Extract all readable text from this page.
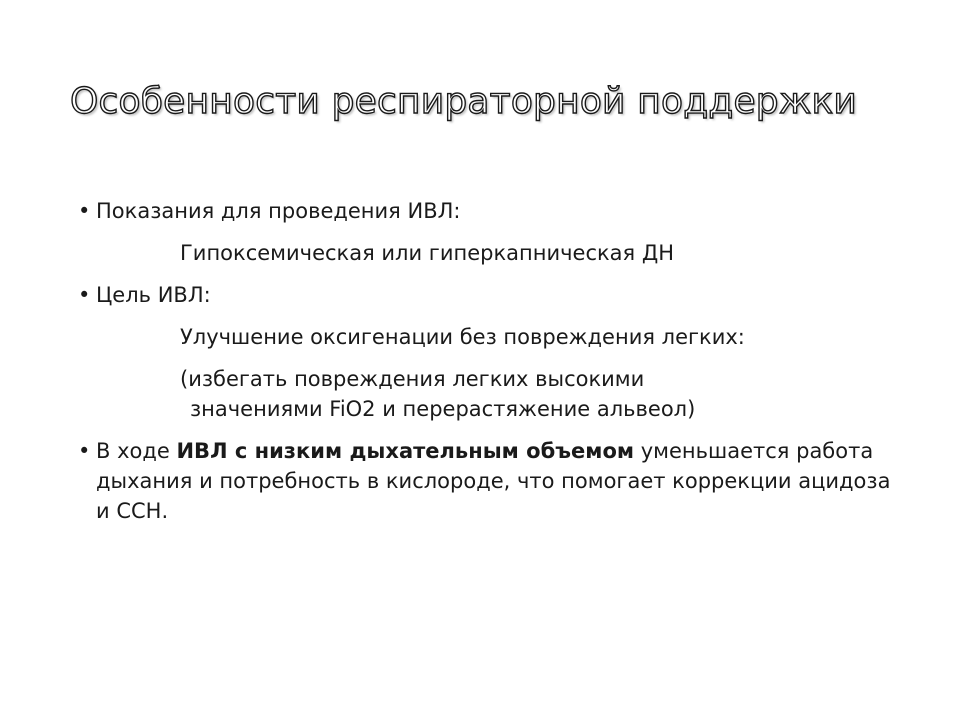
Особенности респираторной поддержки
• Показания для проведения ИВЛ:
Гипоксемическая или гиперкапническая ДН
• Цель ИВЛ:
Улучшение оксигенации без повреждения легких:
(избегать повреждения легких высокими
значениями FiO2 и перерастяжение альвеол)
• В ходе ИВЛ с низким дыхательным объемом уменьшается работа дыхания и потребность в кислороде, что помогает коррекции ацидоза и ССН.
